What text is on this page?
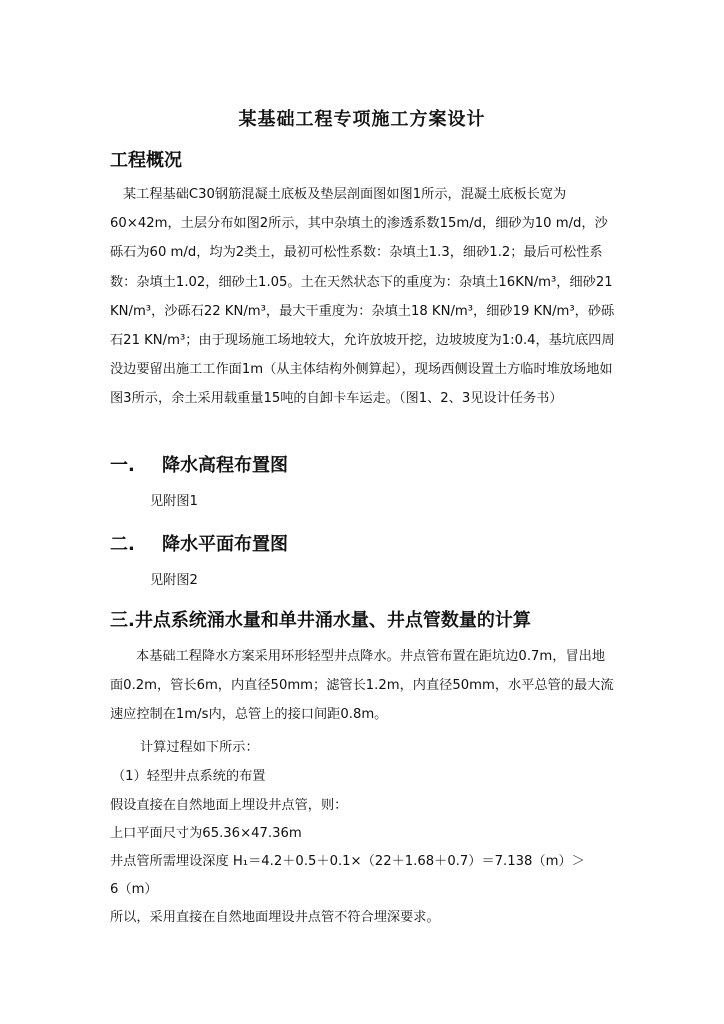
某基础工程专项施工方案设计
工程概况
某工程基础C30钢筋混凝土底板及垫层剖面图如图1所示，混凝土底板长宽为60×42m，土层分布如图2所示，其中杂填土的渗透系数15m/d，细砂为10 m/d，沙砾石为60 m/d，均为2类土，最初可松性系数：杂填土1.3，细砂1.2；最后可松性系数：杂填土1.02，细砂土1.05。土在天然状态下的重度为：杂填土16KN/m³，细砂21 KN/m³，沙砾石22 KN/m³，最大干重度为：杂填土18 KN/m³，细砂19 KN/m³，砂砾石21 KN/m³；由于现场施工场地较大，允许放坡开挖，边坡坡度为1:0.4，基坑底四周没边要留出施工工作面1m（从主体结构外侧算起），现场西侧设置土方临时堆放场地如图3所示，余土采用载重量15吨的自卸卡车运走。（图1、2、3见设计任务书）
一. 降水高程布置图
见附图1
二. 降水平面布置图
见附图2
三.井点系统涌水量和单井涌水量、井点管数量的计算
本基础工程降水方案采用环形轻型井点降水。井点管布置在距坑边0.7m，冒出地面0.2m，管长6m，内直径50mm；滤管长1.2m，内直径50mm，水平总管的最大流速应控制在1m/s内，总管上的接口间距0.8m。
计算过程如下所示：
（1）轻型井点系统的布置
假设直接在自然地面上埋设井点管，则：
上口平面尺寸为65.36×47.36m
井点管所需埋设深度 H₁＝4.2＋0.5＋0.1×（22＋1.68＋0.7）＝7.138（m）＞
6（m）
所以，采用直接在自然地面埋设井点管不符合埋深要求。
